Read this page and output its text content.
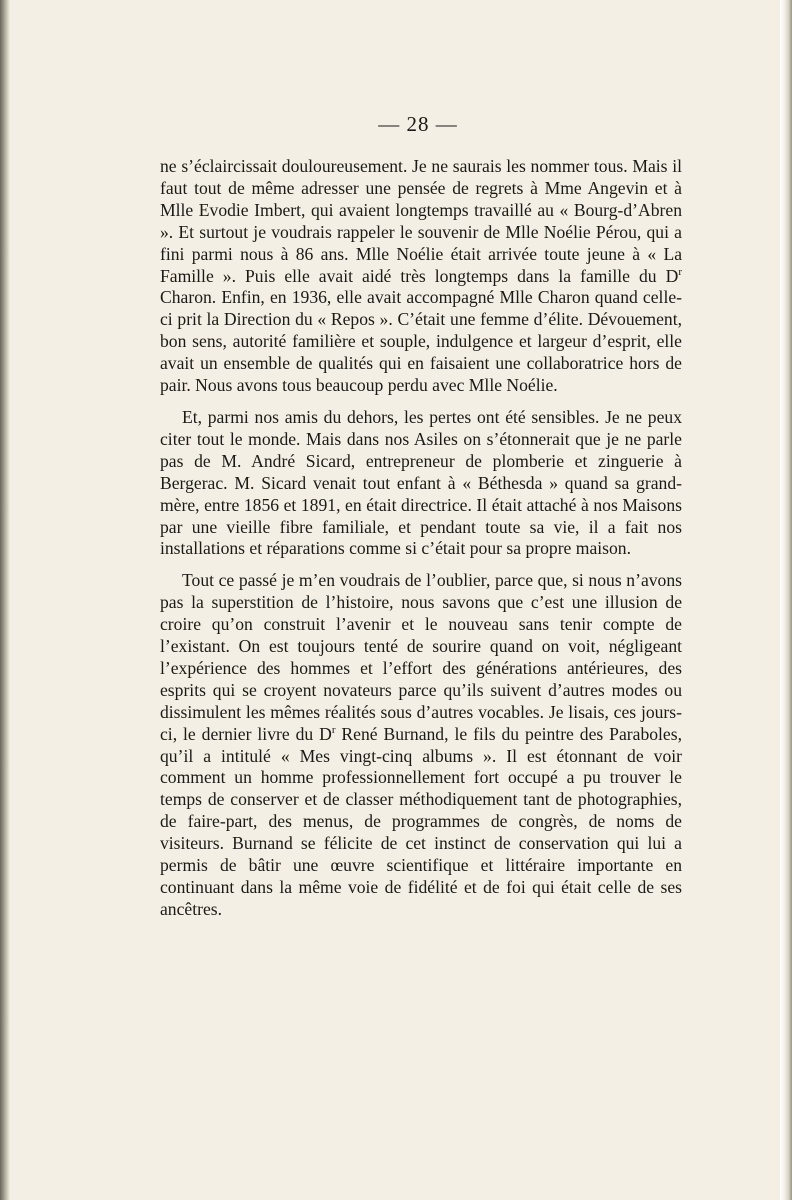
— 28 —

ne s’éclaircissait douloureusement. Je ne saurais les nommer tous. Mais il faut tout de même adresser une pensée de regrets à Mme Angevin et à Mlle Evodie Imbert, qui avaient longtemps travaillé au « Bourg-d’Abren ». Et surtout je voudrais rappeler le souvenir de Mlle Noélie Pérou, qui a fini parmi nous à 86 ans. Mlle Noélie était arrivée toute jeune à « La Famille ». Puis elle avait aidé très longtemps dans la famille du $D^r$ Charon. Enfin, en 1936, elle avait accompagné Mlle Charon quand celle-ci prit la Direction du « Repos ». C’était une femme d’élite. Dévouement, bon sens, autorité familière et souple, indulgence et largeur d’esprit, elle avait un ensemble de qualités qui en faisaient une collaboratrice hors de pair. Nous avons tous beaucoup perdu avec Mlle Noélie.

Et, parmi nos amis du dehors, les pertes ont été sensibles. Je ne peux citer tout le monde. Mais dans nos Asiles on s’étonnerait que je ne parle pas de M. André Sicard, entrepreneur de plomberie et zinguerie à Bergerac. M. Sicard venait tout enfant à « Béthesda » quand sa grand-mère, entre 1856 et 1891, en était directrice. Il était attaché à nos Maisons par une vieille fibre familiale, et pendant toute sa vie, il a fait nos installations et réparations comme si c’était pour sa propre maison.

Tout ce passé je m’en voudrais de l’oublier, parce que, si nous n’avons pas la superstition de l’histoire, nous savons que c’est une illusion de croire qu’on construit l’avenir et le nouveau sans tenir compte de l’existant. On est toujours tenté de sourire quand on voit, négligeant l’expérience des hommes et l’effort des générations antérieures, des esprits qui se croyent novateurs parce qu’ils suivent d’autres modes ou dissimulent les mêmes réalités sous d’autres vocables. Je lisais, ces jours-ci, le dernier livre du $D^r$ René Burnand, le fils du peintre des Paraboles, qu’il a intitulé « Mes vingt-cinq albums ». Il est étonnant de voir comment un homme professionnellement fort occupé a pu trouver le temps de conserver et de classer méthodiquement tant de photographies, de faire-part, des menus, de programmes de congrès, de noms de visiteurs. Burnand se félicite de cet instinct de conservation qui lui a permis de bâtir une œuvre scientifique et littéraire importante en continuant dans la même voie de fidélité et de foi qui était celle de ses ancêtres.
